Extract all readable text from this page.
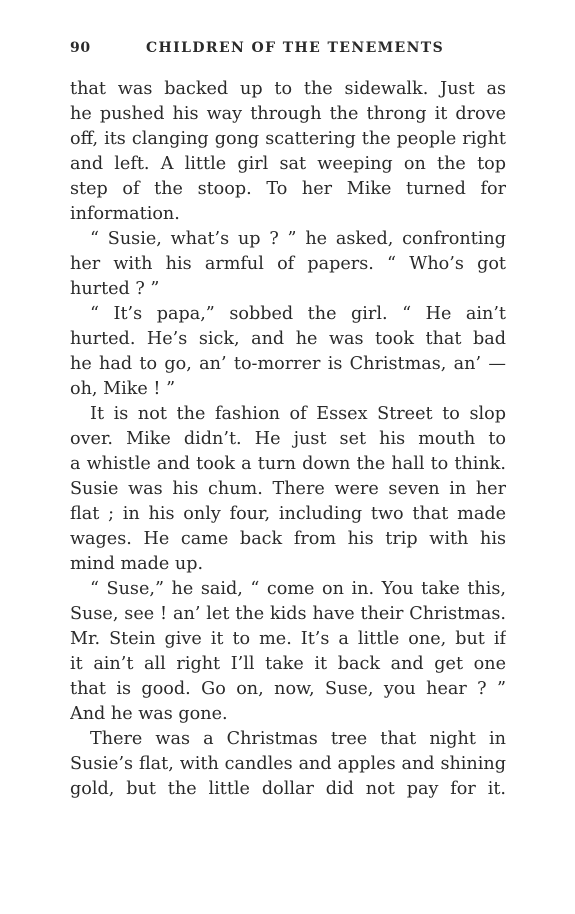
90	CHILDREN OF THE TENEMENTS
that was backed up to the sidewalk. Just as
he pushed his way through the throng it drove
off, its clanging gong scattering the people right
and left. A little girl sat weeping on the top
step of the stoop. To her Mike turned for
information.
“ Susie, what’s up ? ” he asked, confronting
her with his armful of papers. “ Who’s got
hurted ? ”
“ It’s papa,” sobbed the girl. “ He ain’t
hurted. He’s sick, and he was took that bad
he had to go, an’ to-morrer is Christmas, an’ —
oh, Mike ! ”
It is not the fashion of Essex Street to slop
over. Mike didn’t. He just set his mouth to
a whistle and took a turn down the hall to think.
Susie was his chum. There were seven in her
flat ; in his only four, including two that made
wages. He came back from his trip with his
mind made up.
“ Suse,” he said, “ come on in. You take this,
Suse, see ! an’ let the kids have their Christmas.
Mr. Stein give it to me. It’s a little one, but if
it ain’t all right I’ll take it back and get one
that is good. Go on, now, Suse, you hear ? ”
And he was gone.
There was a Christmas tree that night in
Susie’s flat, with candles and apples and shining
gold, but the little dollar did not pay for it.
